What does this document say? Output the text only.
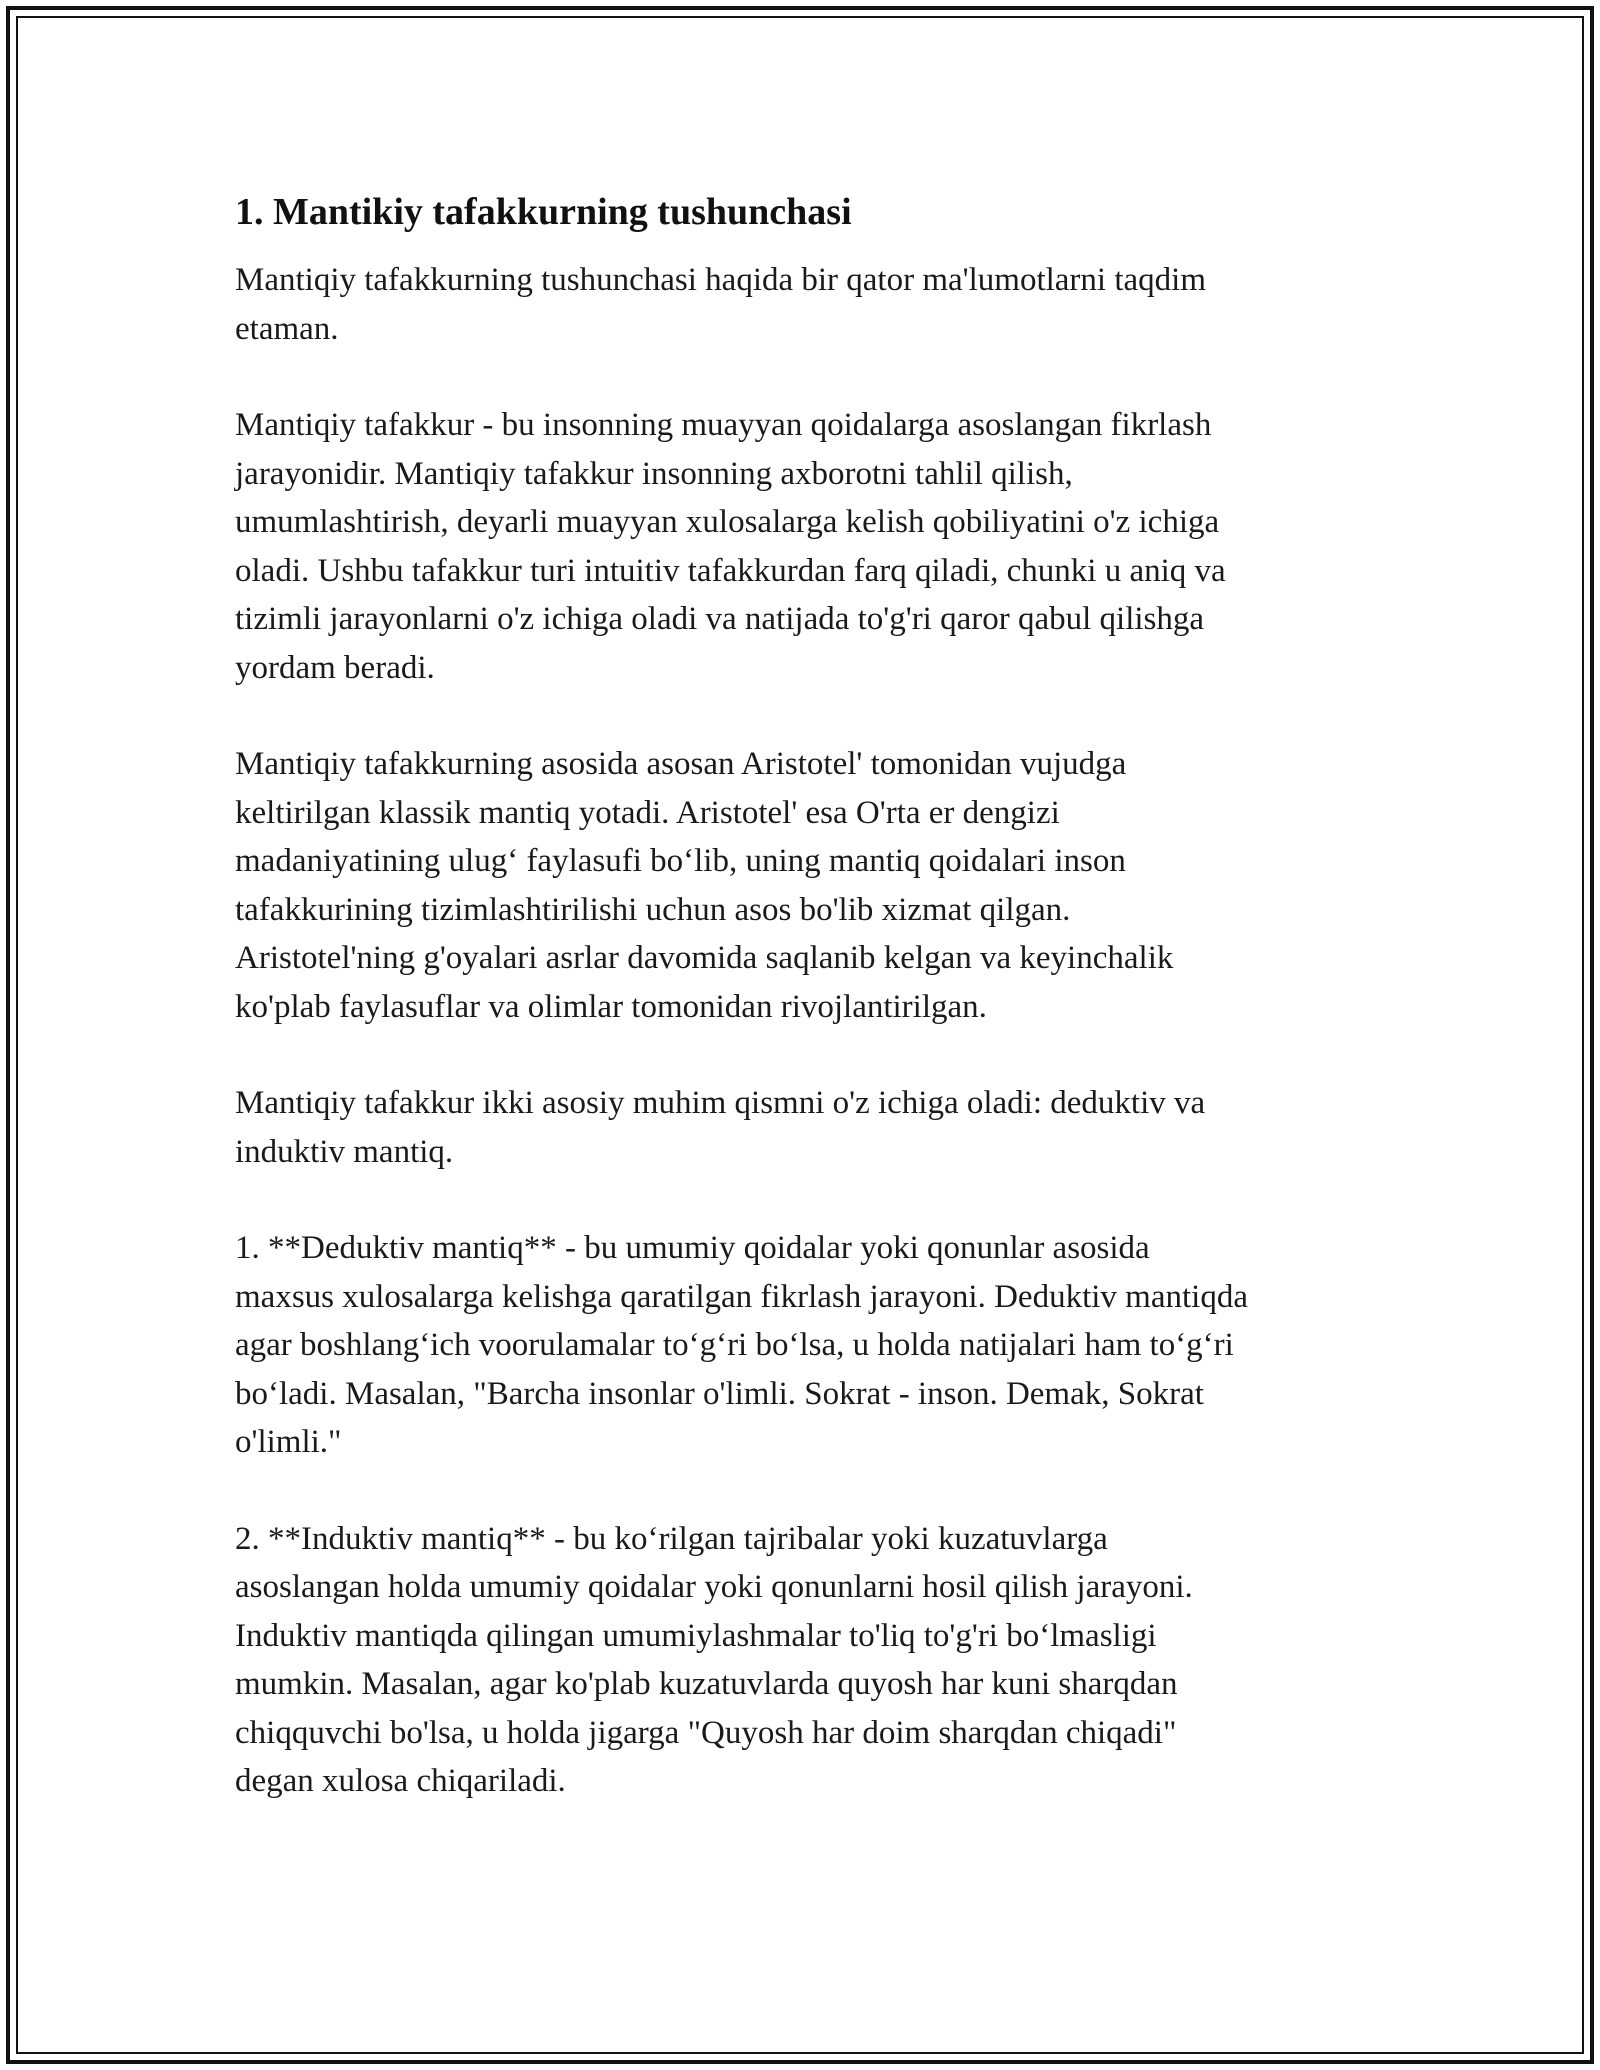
1. Mantikiy tafakkurning tushunchasi

Mantiqiy tafakkurning tushunchasi haqida bir qator ma'lumotlarni taqdim
etaman.

Mantiqiy tafakkur - bu insonning muayyan qoidalarga asoslangan fikrlash
jarayonidir. Mantiqiy tafakkur insonning axborotni tahlil qilish,
umumlashtirish, deyarli muayyan xulosalarga kelish qobiliyatini o'z ichiga
oladi. Ushbu tafakkur turi intuitiv tafakkurdan farq qiladi, chunki u aniq va
tizimli jarayonlarni o'z ichiga oladi va natijada to'g'ri qaror qabul qilishga
yordam beradi.

Mantiqiy tafakkurning asosida asosan Aristotel' tomonidan vujudga
keltirilgan klassik mantiq yotadi. Aristotel' esa O'rta er dengizi
madaniyatining ulug‘ faylasufi bo‘lib, uning mantiq qoidalari inson
tafakkurining tizimlashtirilishi uchun asos bo'lib xizmat qilgan.
Aristotel'ning g'oyalari asrlar davomida saqlanib kelgan va keyinchalik
ko'plab faylasuflar va olimlar tomonidan rivojlantirilgan.

Mantiqiy tafakkur ikki asosiy muhim qismni o'z ichiga oladi: deduktiv va
induktiv mantiq.

1. **Deduktiv mantiq** - bu umumiy qoidalar yoki qonunlar asosida
maxsus xulosalarga kelishga qaratilgan fikrlash jarayoni. Deduktiv mantiqda
agar boshlang‘ich voorulamalar to‘g‘ri bo‘lsa, u holda natijalari ham to‘g‘ri
bo‘ladi. Masalan, "Barcha insonlar o'limli. Sokrat - inson. Demak, Sokrat
o'limli."

2. **Induktiv mantiq** - bu ko‘rilgan tajribalar yoki kuzatuvlarga
asoslangan holda umumiy qoidalar yoki qonunlarni hosil qilish jarayoni.
Induktiv mantiqda qilingan umumiylashmalar to'liq to'g'ri bo‘lmasligi
mumkin. Masalan, agar ko'plab kuzatuvlarda quyosh har kuni sharqdan
chiqquvchi bo'lsa, u holda jigarga "Quyosh har doim sharqdan chiqadi"
degan xulosa chiqariladi.
